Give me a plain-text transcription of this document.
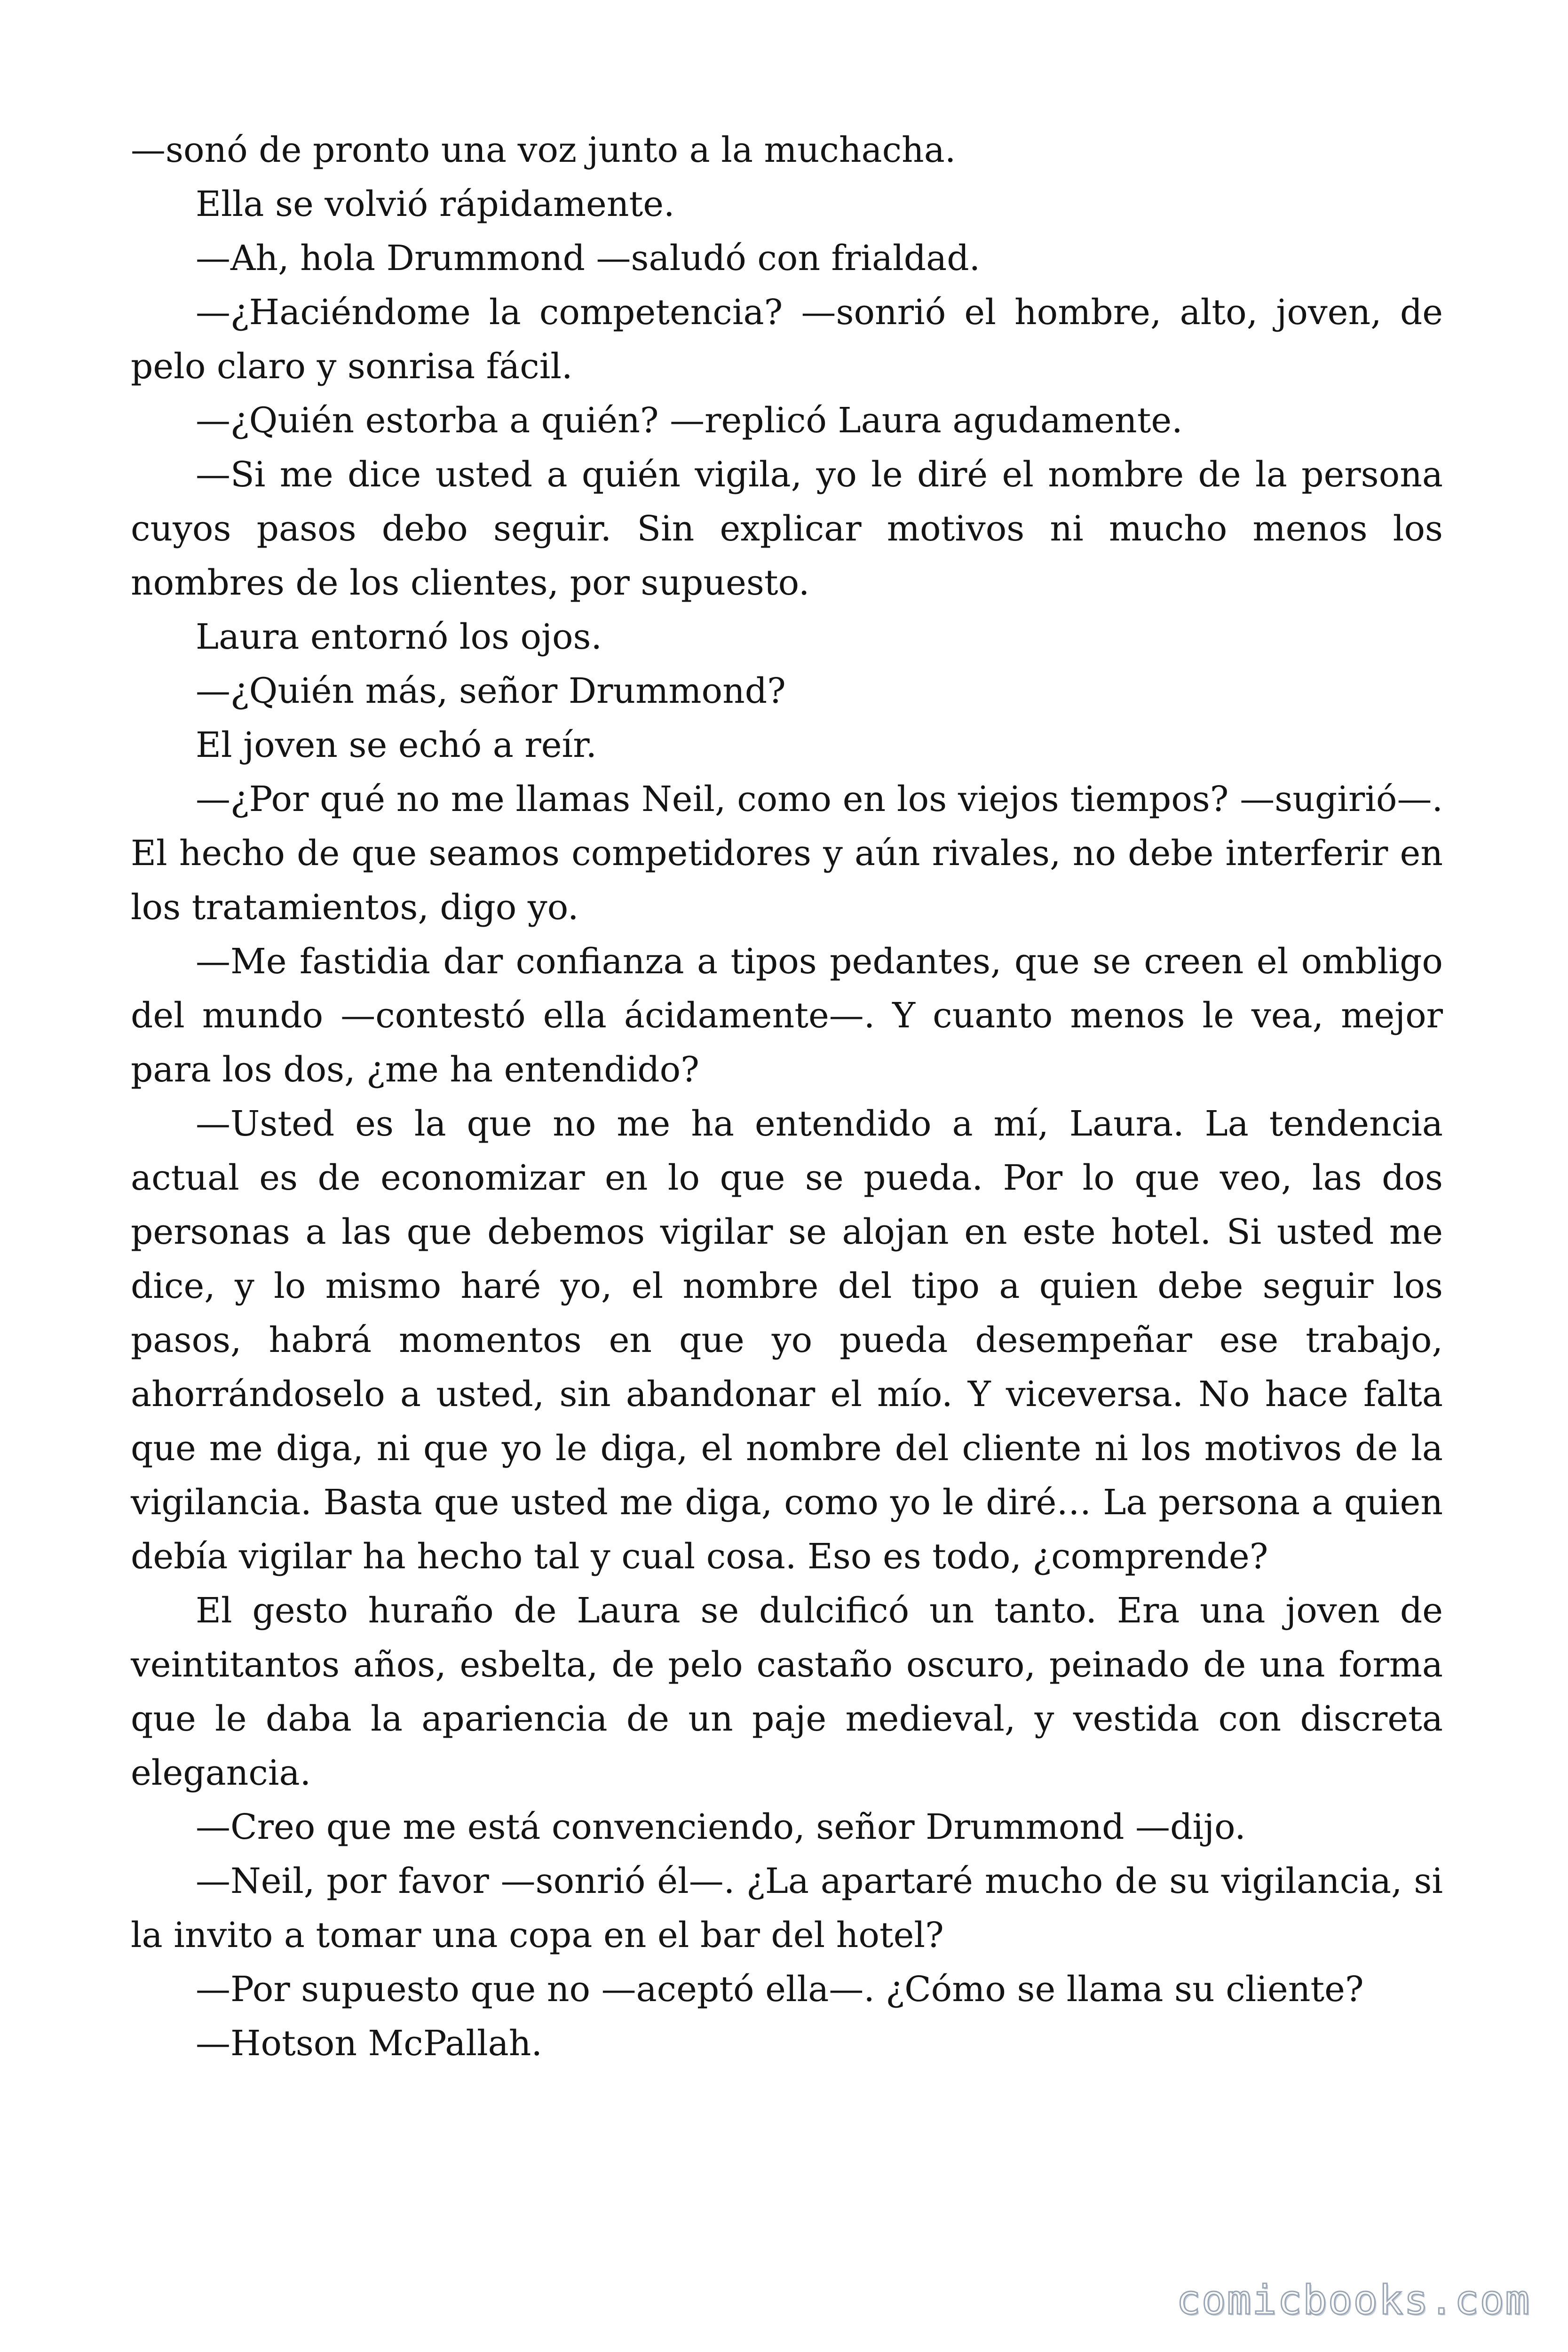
—sonó de pronto una voz junto a la muchacha.

Ella se volvió rápidamente.

—Ah, hola Drummond —saludó con frialdad.

—¿Haciéndome la competencia? —sonrió el hombre, alto, joven, de pelo claro y sonrisa fácil.

—¿Quién estorba a quién? —replicó Laura agudamente.

—Si me dice usted a quién vigila, yo le diré el nombre de la persona cuyos pasos debo seguir. Sin explicar motivos ni mucho menos los nombres de los clientes, por supuesto.

Laura entornó los ojos.

—¿Quién más, señor Drummond?

El joven se echó a reír.

—¿Por qué no me llamas Neil, como en los viejos tiempos? —sugirió—. El hecho de que seamos competidores y aún rivales, no debe interferir en los tratamientos, digo yo.

—Me fastidia dar confianza a tipos pedantes, que se creen el ombligo del mundo —contestó ella ácidamente—. Y cuanto menos le vea, mejor para los dos, ¿me ha entendido?

—Usted es la que no me ha entendido a mí, Laura. La tendencia actual es de economizar en lo que se pueda. Por lo que veo, las dos personas a las que debemos vigilar se alojan en este hotel. Si usted me dice, y lo mismo haré yo, el nombre del tipo a quien debe seguir los pasos, habrá momentos en que yo pueda desempeñar ese trabajo, ahorrándoselo a usted, sin abandonar el mío. Y viceversa. No hace falta que me diga, ni que yo le diga, el nombre del cliente ni los motivos de la vigilancia. Basta que usted me diga, como yo le diré… La persona a quien debía vigilar ha hecho tal y cual cosa. Eso es todo, ¿comprende?

El gesto huraño de Laura se dulcificó un tanto. Era una joven de veintitantos años, esbelta, de pelo castaño oscuro, peinado de una forma que le daba la apariencia de un paje medieval, y vestida con discreta elegancia.

—Creo que me está convenciendo, señor Drummond —dijo.

—Neil, por favor —sonrió él—. ¿La apartaré mucho de su vigilancia, si la invito a tomar una copa en el bar del hotel?

—Por supuesto que no —aceptó ella—. ¿Cómo se llama su cliente?

—Hotson McPallah.

comicbooks.com
